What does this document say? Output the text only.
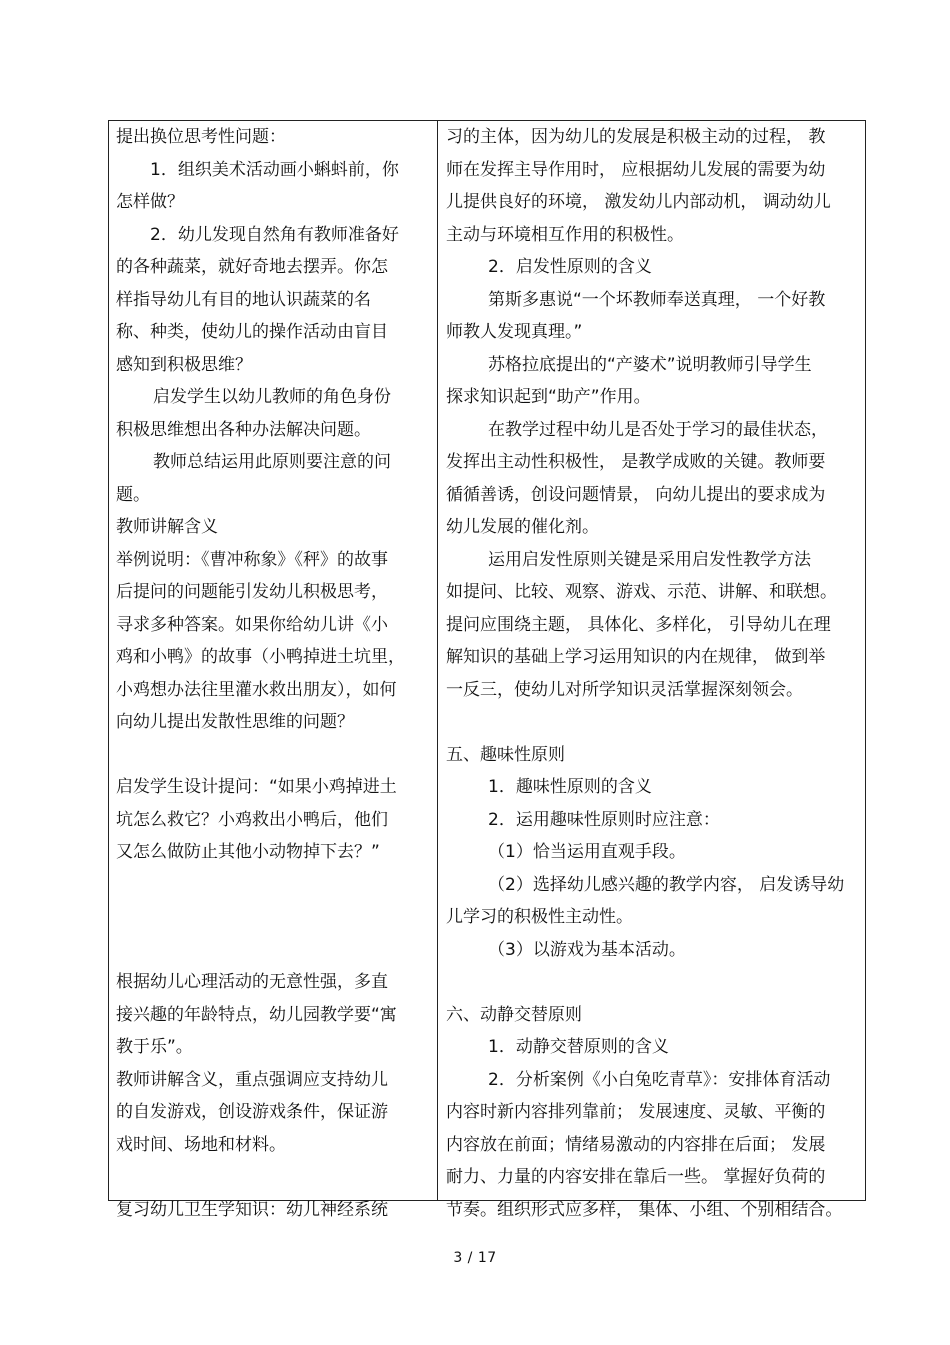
提出换位思考性问题：
1．组织美术活动画小蝌蚪前，你
怎样做？
2．幼儿发现自然角有教师准备好
的各种蔬菜，就好奇地去摆弄。你怎
样指导幼儿有目的地认识蔬菜的名
称、种类，使幼儿的操作活动由盲目
感知到积极思维？
启发学生以幼儿教师的角色身份
积极思维想出各种办法解决问题。
教师总结运用此原则要注意的问
题。
教师讲解含义
举例说明：《曹冲称象》《秤》的故事
后提问的问题能引发幼儿积极思考，
寻求多种答案。如果你给幼儿讲《小
鸡和小鸭》的故事（小鸭掉进土坑里，
小鸡想办法往里灌水救出朋友），如何
向幼儿提出发散性思维的问题？
启发学生设计提问：“如果小鸡掉进土
坑怎么救它？小鸡救出小鸭后，他们
又怎么做防止其他小动物掉下去？”
根据幼儿心理活动的无意性强，多直
接兴趣的年龄特点，幼儿园教学要“寓
教于乐”。
教师讲解含义，重点强调应支持幼儿
的自发游戏，创设游戏条件，保证游
戏时间、场地和材料。
复习幼儿卫生学知识：幼儿神经系统
习的主体，因为幼儿的发展是积极主动的过程， 教
师在发挥主导作用时， 应根据幼儿发展的需要为幼
儿提供良好的环境， 激发幼儿内部动机， 调动幼儿
主动与环境相互作用的积极性。
2．启发性原则的含义
第斯多惠说“一个坏教师奉送真理， 一个好教
师教人发现真理。”
苏格拉底提出的“产婆术”说明教师引导学生
探求知识起到“助产”作用。
在教学过程中幼儿是否处于学习的最佳状态，
发挥出主动性积极性， 是教学成败的关键。教师要
循循善诱，创设问题情景， 向幼儿提出的要求成为
幼儿发展的催化剂。
运用启发性原则关键是采用启发性教学方法
如提问、比较、观察、游戏、示范、讲解、和联想。
提问应围绕主题， 具体化、多样化， 引导幼儿在理
解知识的基础上学习运用知识的内在规律， 做到举
一反三，使幼儿对所学知识灵活掌握深刻领会。
五、趣味性原则
1．趣味性原则的含义
2．运用趣味性原则时应注意：
（1）恰当运用直观手段。
（2）选择幼儿感兴趣的教学内容， 启发诱导幼
儿学习的积极性主动性。
（3）以游戏为基本活动。
六、动静交替原则
1．动静交替原则的含义
2．分析案例《小白兔吃青草》：安排体育活动
内容时新内容排列靠前； 发展速度、灵敏、平衡的
内容放在前面；情绪易激动的内容排在后面； 发展
耐力、力量的内容安排在靠后一些。 掌握好负荷的
节奏。组织形式应多样， 集体、小组、个别相结合。
3 / 17
